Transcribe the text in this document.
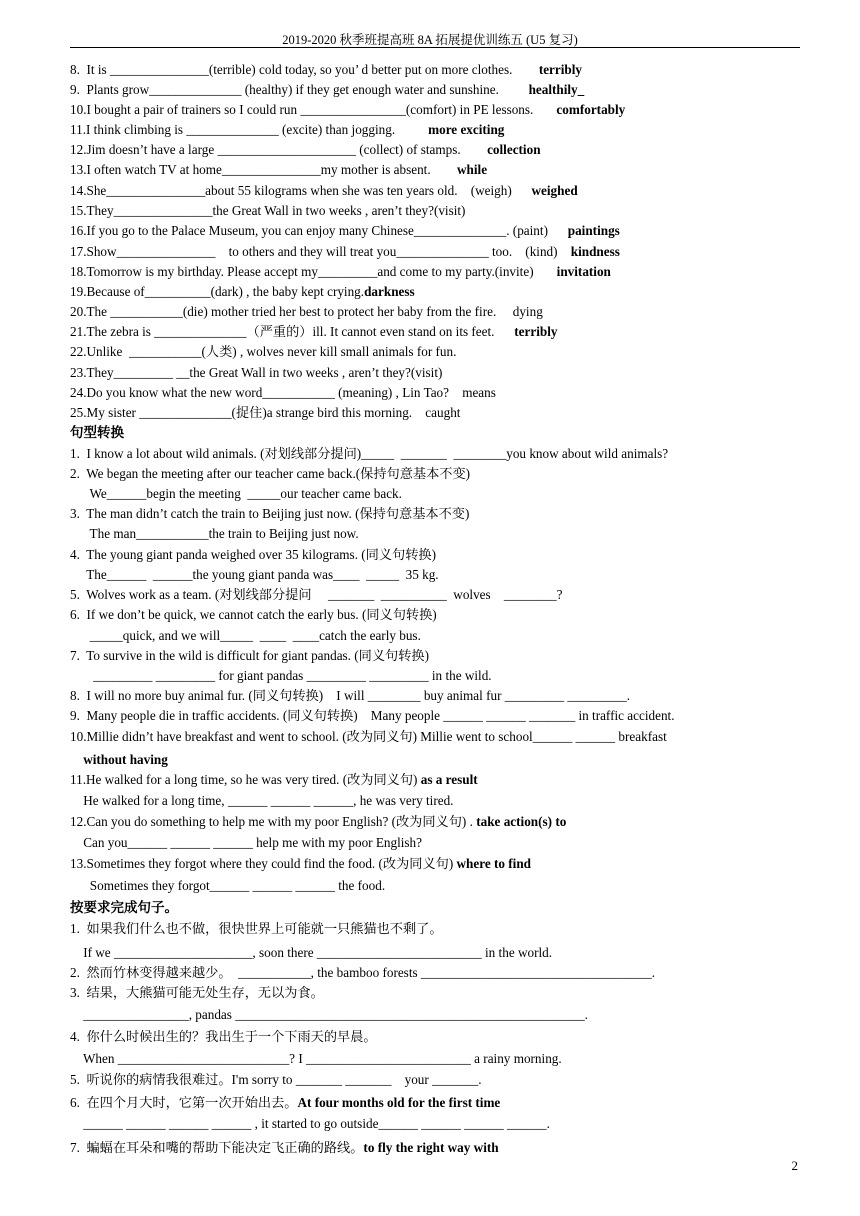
2019-2020 秋季班提高班 8A 拓展提优训练五 (U5 复习)
8.  It is _______________(terrible) cold today, so you’ d better put on more clothes.        terribly
9.  Plants grow______________ (healthy) if they get enough water and sunshine.         healthily_
10.I bought a pair of trainers so I could run ________________(comfort) in PE lessons.       comfortably
11.I think climbing is ______________ (excite) than jogging.          more exciting
12.Jim doesn’t have a large _____________________ (collect) of stamps.        collection
13.I often watch TV at home_______________my mother is absent.        while
14.She_______________about 55 kilograms when she was ten years old.    (weigh)      weighed
15.They_______________the Great Wall in two weeks , aren’t they?(visit)
16.If you go to the Palace Museum, you can enjoy many Chinese______________. (paint)      paintings
17.Show_______________    to others and they will treat you______________ too.    (kind)    kindness
18.Tomorrow is my birthday. Please accept my_________and come to my party.(invite)       invitation
19.Because of__________(dark) , the baby kept crying.darkness
20.The ___________(die) mother tried her best to protect her baby from the fire.     dying
21.The zebra is ______________（严重的）ill. It cannot even stand on its feet.      terribly
22.Unlike  ___________(人类) , wolves never kill small animals for fun.
23.They_________ __the Great Wall in two weeks , aren’t they?(visit)
24.Do you know what the new word___________ (meaning) , Lin Tao?    means
25.My sister ______________(捉住)a strange bird this morning.    caught
句型转换
1.  I know a lot about wild animals. (对划线部分提问)_____  _______  ________you know about wild animals?
2.  We began the meeting after our teacher came back.(保持句意基本不变)
We______begin the meeting  _____our teacher came back.
3.  The man didn’t catch the train to Beijing just now. (保持句意基本不变)
The man___________the train to Beijing just now.
4.  The young giant panda weighed over 35 kilograms. (同义句转换)
The______  ______the young giant panda was____  _____  35 kg.
5.  Wolves work as a team. (对划线部分提问     _______  __________  wolves    ________?
6.  If we don’t be quick, we cannot catch the early bus. (同义句转换)
_____quick, and we will_____  ____  ____catch the early bus.
7.  To survive in the wild is difficult for giant pandas. (同义句转换)
_________ _________ for giant pandas _________ _________ in the wild.
8.  I will no more buy animal fur. (同义句转换)    I will ________ buy animal fur _________ _________.
9.  Many people die in traffic accidents. (同义句转换)    Many people ______ ______ _______ in traffic accident.
10.Millie didn’t have breakfast and went to school. (改为同义句) Millie went to school______ ______ breakfast
without having
11.He walked for a long time, so he was very tired. (改为同义句) as a result
He walked for a long time, ______ ______ ______, he was very tired.
12.Can you do something to help me with my poor English? (改为同义句) . take action(s) to
Can you______ ______ ______ help me with my poor English?
13.Sometimes they forgot where they could find the food. (改为同义句) where to find
Sometimes they forgot______ ______ ______ the food.
按要求完成句子。
1.  如果我们什么也不做，很快世界上可能就一只熊猫也不剩了。
If we _____________________, soon there _________________________ in the world.
2.  然而竹林变得越来越少。  ___________, the bamboo forests ___________________________________.
3.  结果，大熊猫可能无处生存，无以为食。
________________, pandas _____________________________________________________.
4.  你什么时候出生的？我出生于一个下雨天的早晨。
When __________________________? I _________________________ a rainy morning.
5.  听说你的病情我很难过。I'm sorry to _______ _______    your _______.
6.  在四个月大时，它第一次开始出去。At four months old for the first time
______ ______ ______ ______ , it started to go outside______ ______ ______ ______.
7.  蝙蝠在耳朵和嘴的帮助下能决定飞正确的路线。to fly the right way with
2
